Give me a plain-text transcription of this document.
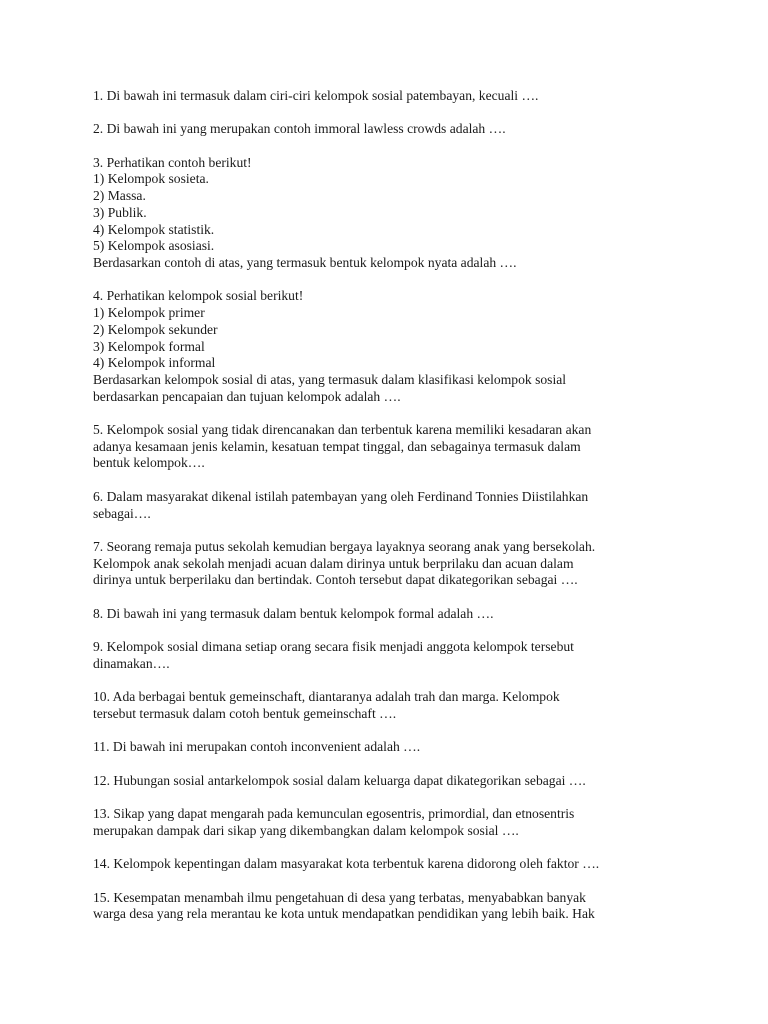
1. Di bawah ini termasuk dalam ciri-ciri kelompok sosial patembayan, kecuali ….
2. Di bawah ini yang merupakan contoh immoral lawless crowds adalah ….
3. Perhatikan contoh berikut!
1) Kelompok sosieta.
2) Massa.
3) Publik.
4) Kelompok statistik.
5) Kelompok asosiasi.
Berdasarkan contoh di atas, yang termasuk bentuk kelompok nyata adalah ….
4. Perhatikan kelompok sosial berikut!
1) Kelompok primer
2) Kelompok sekunder
3) Kelompok formal
4) Kelompok informal
Berdasarkan kelompok sosial di atas, yang termasuk dalam klasifikasi kelompok sosial
berdasarkan pencapaian dan tujuan kelompok adalah ….
5. Kelompok sosial yang tidak direncanakan dan terbentuk karena memiliki kesadaran akan
adanya kesamaan jenis kelamin, kesatuan tempat tinggal, dan sebagainya termasuk dalam
bentuk kelompok….
6. Dalam masyarakat dikenal istilah patembayan yang oleh Ferdinand Tonnies Diistilahkan
sebagai….
7. Seorang remaja putus sekolah kemudian bergaya layaknya seorang anak yang bersekolah.
Kelompok anak sekolah menjadi acuan dalam dirinya untuk berprilaku dan acuan dalam
dirinya untuk berperilaku dan bertindak. Contoh tersebut dapat dikategorikan sebagai ….
8. Di bawah ini yang termasuk dalam bentuk kelompok formal adalah ….
9. Kelompok sosial dimana setiap orang secara fisik menjadi anggota kelompok tersebut
dinamakan….
10. Ada berbagai bentuk gemeinschaft, diantaranya adalah trah dan marga. Kelompok
tersebut termasuk dalam cotoh bentuk gemeinschaft ….
11. Di bawah ini merupakan contoh inconvenient adalah ….
12. Hubungan sosial antarkelompok sosial dalam keluarga dapat dikategorikan sebagai ….
13. Sikap yang dapat mengarah pada kemunculan egosentris, primordial, dan etnosentris
merupakan dampak dari sikap yang dikembangkan dalam kelompok sosial ….
14. Kelompok kepentingan dalam masyarakat kota terbentuk karena didorong oleh faktor ….
15. Kesempatan menambah ilmu pengetahuan di desa yang terbatas, menyababkan banyak
warga desa yang rela merantau ke kota untuk mendapatkan pendidikan yang lebih baik. Hak
